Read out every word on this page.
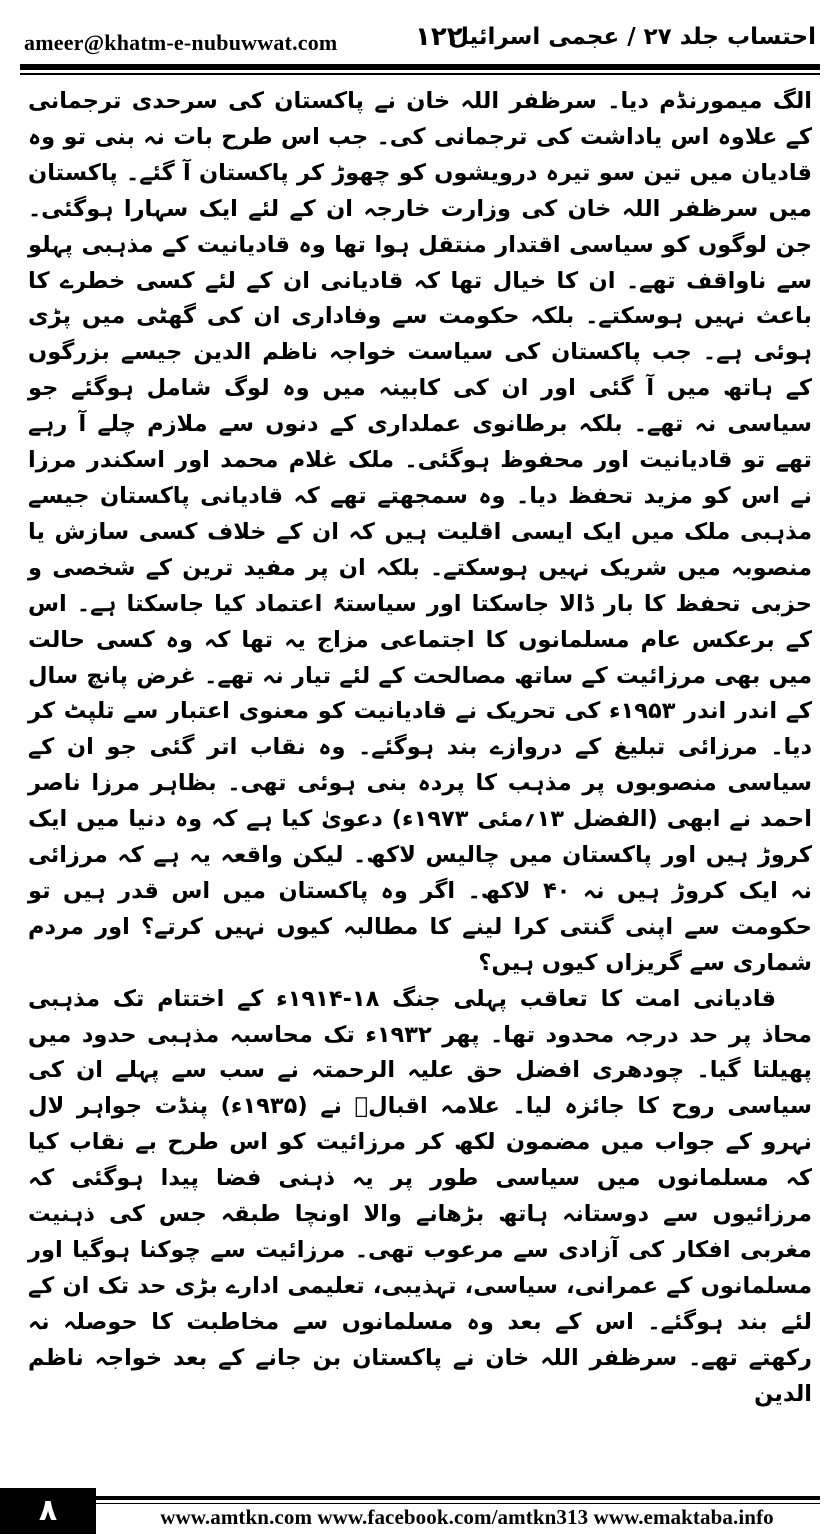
ameer@khatm-e-nubuwwat.com	۱۲۲
احتساب جلد ۲۷ / عجمی اسرائیل

الگ میمورنڈم دیا۔ سرظفر اللہ خان نے پاکستان کی سرحدی ترجمانی کے علاوہ اس یاداشت کی ترجمانی کی۔ جب اس طرح بات نہ بنی تو وہ قادیان میں تین سو تیرہ درویشوں کو چھوڑ کر پاکستان آ گئے۔ پاکستان میں سرظفر اللہ خان کی وزارت خارجہ ان کے لئے ایک سہارا ہوگئی۔ جن لوگوں کو سیاسی اقتدار منتقل ہوا تھا وہ قادیانیت کے مذہبی پہلو سے ناواقف تھے۔ ان کا خیال تھا کہ قادیانی ان کے لئے کسی خطرے کا باعث نہیں ہوسکتے۔ بلکہ حکومت سے وفاداری ان کی گھٹی میں پڑی ہوئی ہے۔ جب پاکستان کی سیاست خواجہ ناظم الدین جیسے بزرگوں کے ہاتھ میں آ گئی اور ان کی کابینہ میں وہ لوگ شامل ہوگئے جو سیاسی نہ تھے۔ بلکہ برطانوی عملداری کے دنوں سے ملازم چلے آ رہے تھے تو قادیانیت اور محفوظ ہوگئی۔ ملک غلام محمد اور اسکندر مرزا نے اس کو مزید تحفظ دیا۔ وہ سمجھتے تھے کہ قادیانی پاکستان جیسے مذہبی ملک میں ایک ایسی اقلیت ہیں کہ ان کے خلاف کسی سازش یا منصوبہ میں شریک نہیں ہوسکتے۔ بلکہ ان پر مفید ترین کے شخصی و حزبی تحفظ کا بار ڈالا جاسکتا اور سیاستہً اعتماد کیا جاسکتا ہے۔ اس کے برعکس عام مسلمانوں کا اجتماعی مزاج یہ تھا کہ وہ کسی حالت میں بھی مرزائیت کے ساتھ مصالحت کے لئے تیار نہ تھے۔ غرض پانچ سال کے اندر اندر ۱۹۵۳ء کی تحریک نے قادیانیت کو معنوی اعتبار سے تلپٹ کر دیا۔ مرزائی تبلیغ کے دروازے بند ہوگئے۔ وہ نقاب اتر گئی جو ان کے سیاسی منصوبوں پر مذہب کا پردہ بنی ہوئی تھی۔ بظاہر مرزا ناصر احمد نے ابھی (الفضل ۱۳؍مئی ۱۹۷۳ء) دعویٰ کیا ہے کہ وہ دنیا میں ایک کروڑ ہیں اور پاکستان میں چالیس لاکھ۔ لیکن واقعہ یہ ہے کہ مرزائی نہ ایک کروڑ ہیں نہ ۴۰ لاکھ۔ اگر وہ پاکستان میں اس قدر ہیں تو حکومت سے اپنی گنتی کرا لینے کا مطالبہ کیوں نہیں کرتے؟ اور مردم شماری سے گریزاں کیوں ہیں؟

قادیانی امت کا تعاقب پہلی جنگ ۱۸-۱۹۱۴ء کے اختتام تک مذہبی محاذ پر حد درجہ محدود تھا۔ پھر ۱۹۳۲ء تک محاسبہ مذہبی حدود میں پھیلتا گیا۔ چودھری افضل حق علیہ الرحمتہ نے سب سے پہلے ان کی سیاسی روح کا جائزہ لیا۔ علامہ اقبالؒ نے (۱۹۳۵ء) پنڈت جواہر لال نہرو کے جواب میں مضمون لکھ کر مرزائیت کو اس طرح بے نقاب کیا کہ مسلمانوں میں سیاسی طور پر یہ ذہنی فضا پیدا ہوگئی کہ مرزائیوں سے دوستانہ ہاتھ بڑھانے والا اونچا طبقہ جس کی ذہنیت مغربی افکار کی آزادی سے مرعوب تھی۔ مرزائیت سے چوکنا ہوگیا اور مسلمانوں کے عمرانی، سیاسی، تہذیبی، تعلیمی ادارے بڑی حد تک ان کے لئے بند ہوگئے۔ اس کے بعد وہ مسلمانوں سے مخاطبت کا حوصلہ نہ رکھتے تھے۔ سرظفر اللہ خان نے پاکستان بن جانے کے بعد خواجہ ناظم الدین

۸	www.amtkn.com www.facebook.com/amtkn313 www.emaktaba.info
